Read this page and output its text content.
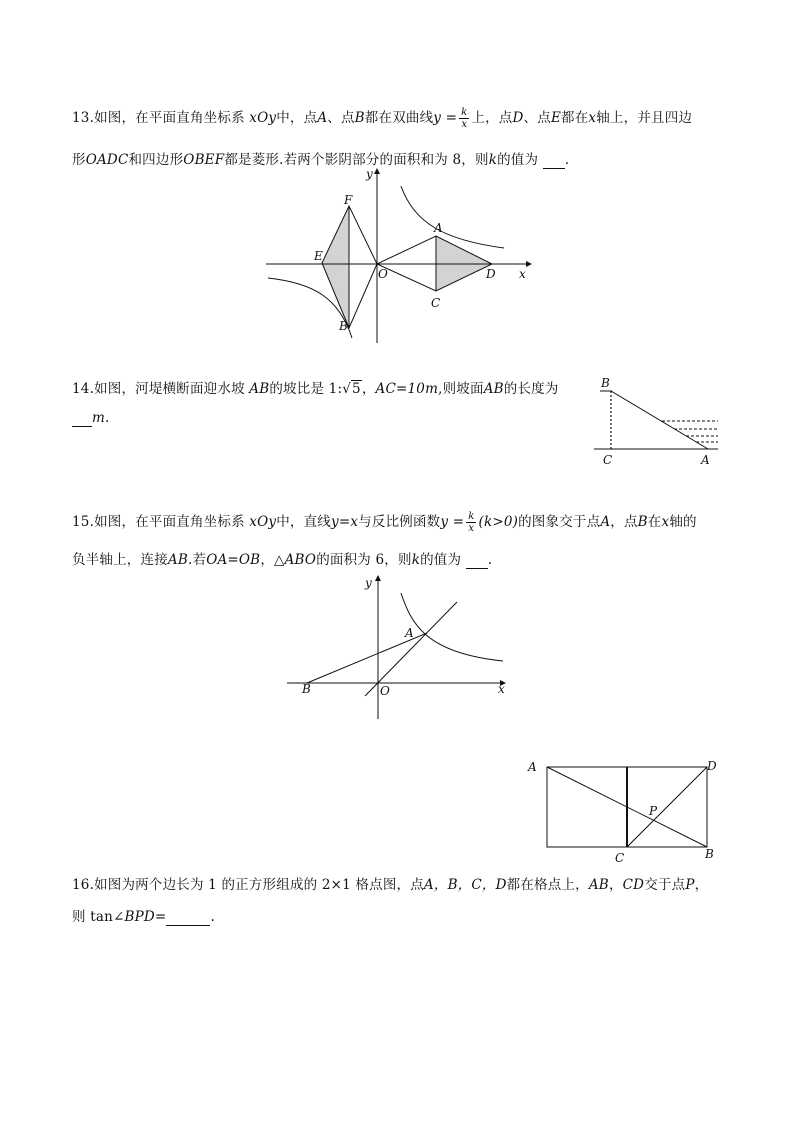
13.如图，在平面直角坐标系 xOy中，点A、点B都在双曲线$y = \frac{k}{x}$ 上，点D、点E都在x轴上，并且四边
形OADC和四边形OBEF都是菱形.若两个影阴部分的面积和为 8，则k的值为 .
F
E
O
A
D
C
B
x
y
14.如图，河堤横断面迎水坡 AB的坡比是 1:√5，AC=10m,则坡面AB的长度为
m.
B
C	A
15.如图，在平面直角坐标系 xOy中，直线y=x与反比例函数$y = \frac{k}{x} (k>0)$的图象交于点A，点B在x轴的
负半轴上，连接AB.若OA=OB，△ABO的面积为 6，则k的值为 .
y
A
B	O	x
A	D
P
C	B
16.如图为两个边长为 1 的正方形组成的 2×1 格点图，点A，B，C，D都在格点上，AB，CD交于点P，
则 tan∠BPD=	.
